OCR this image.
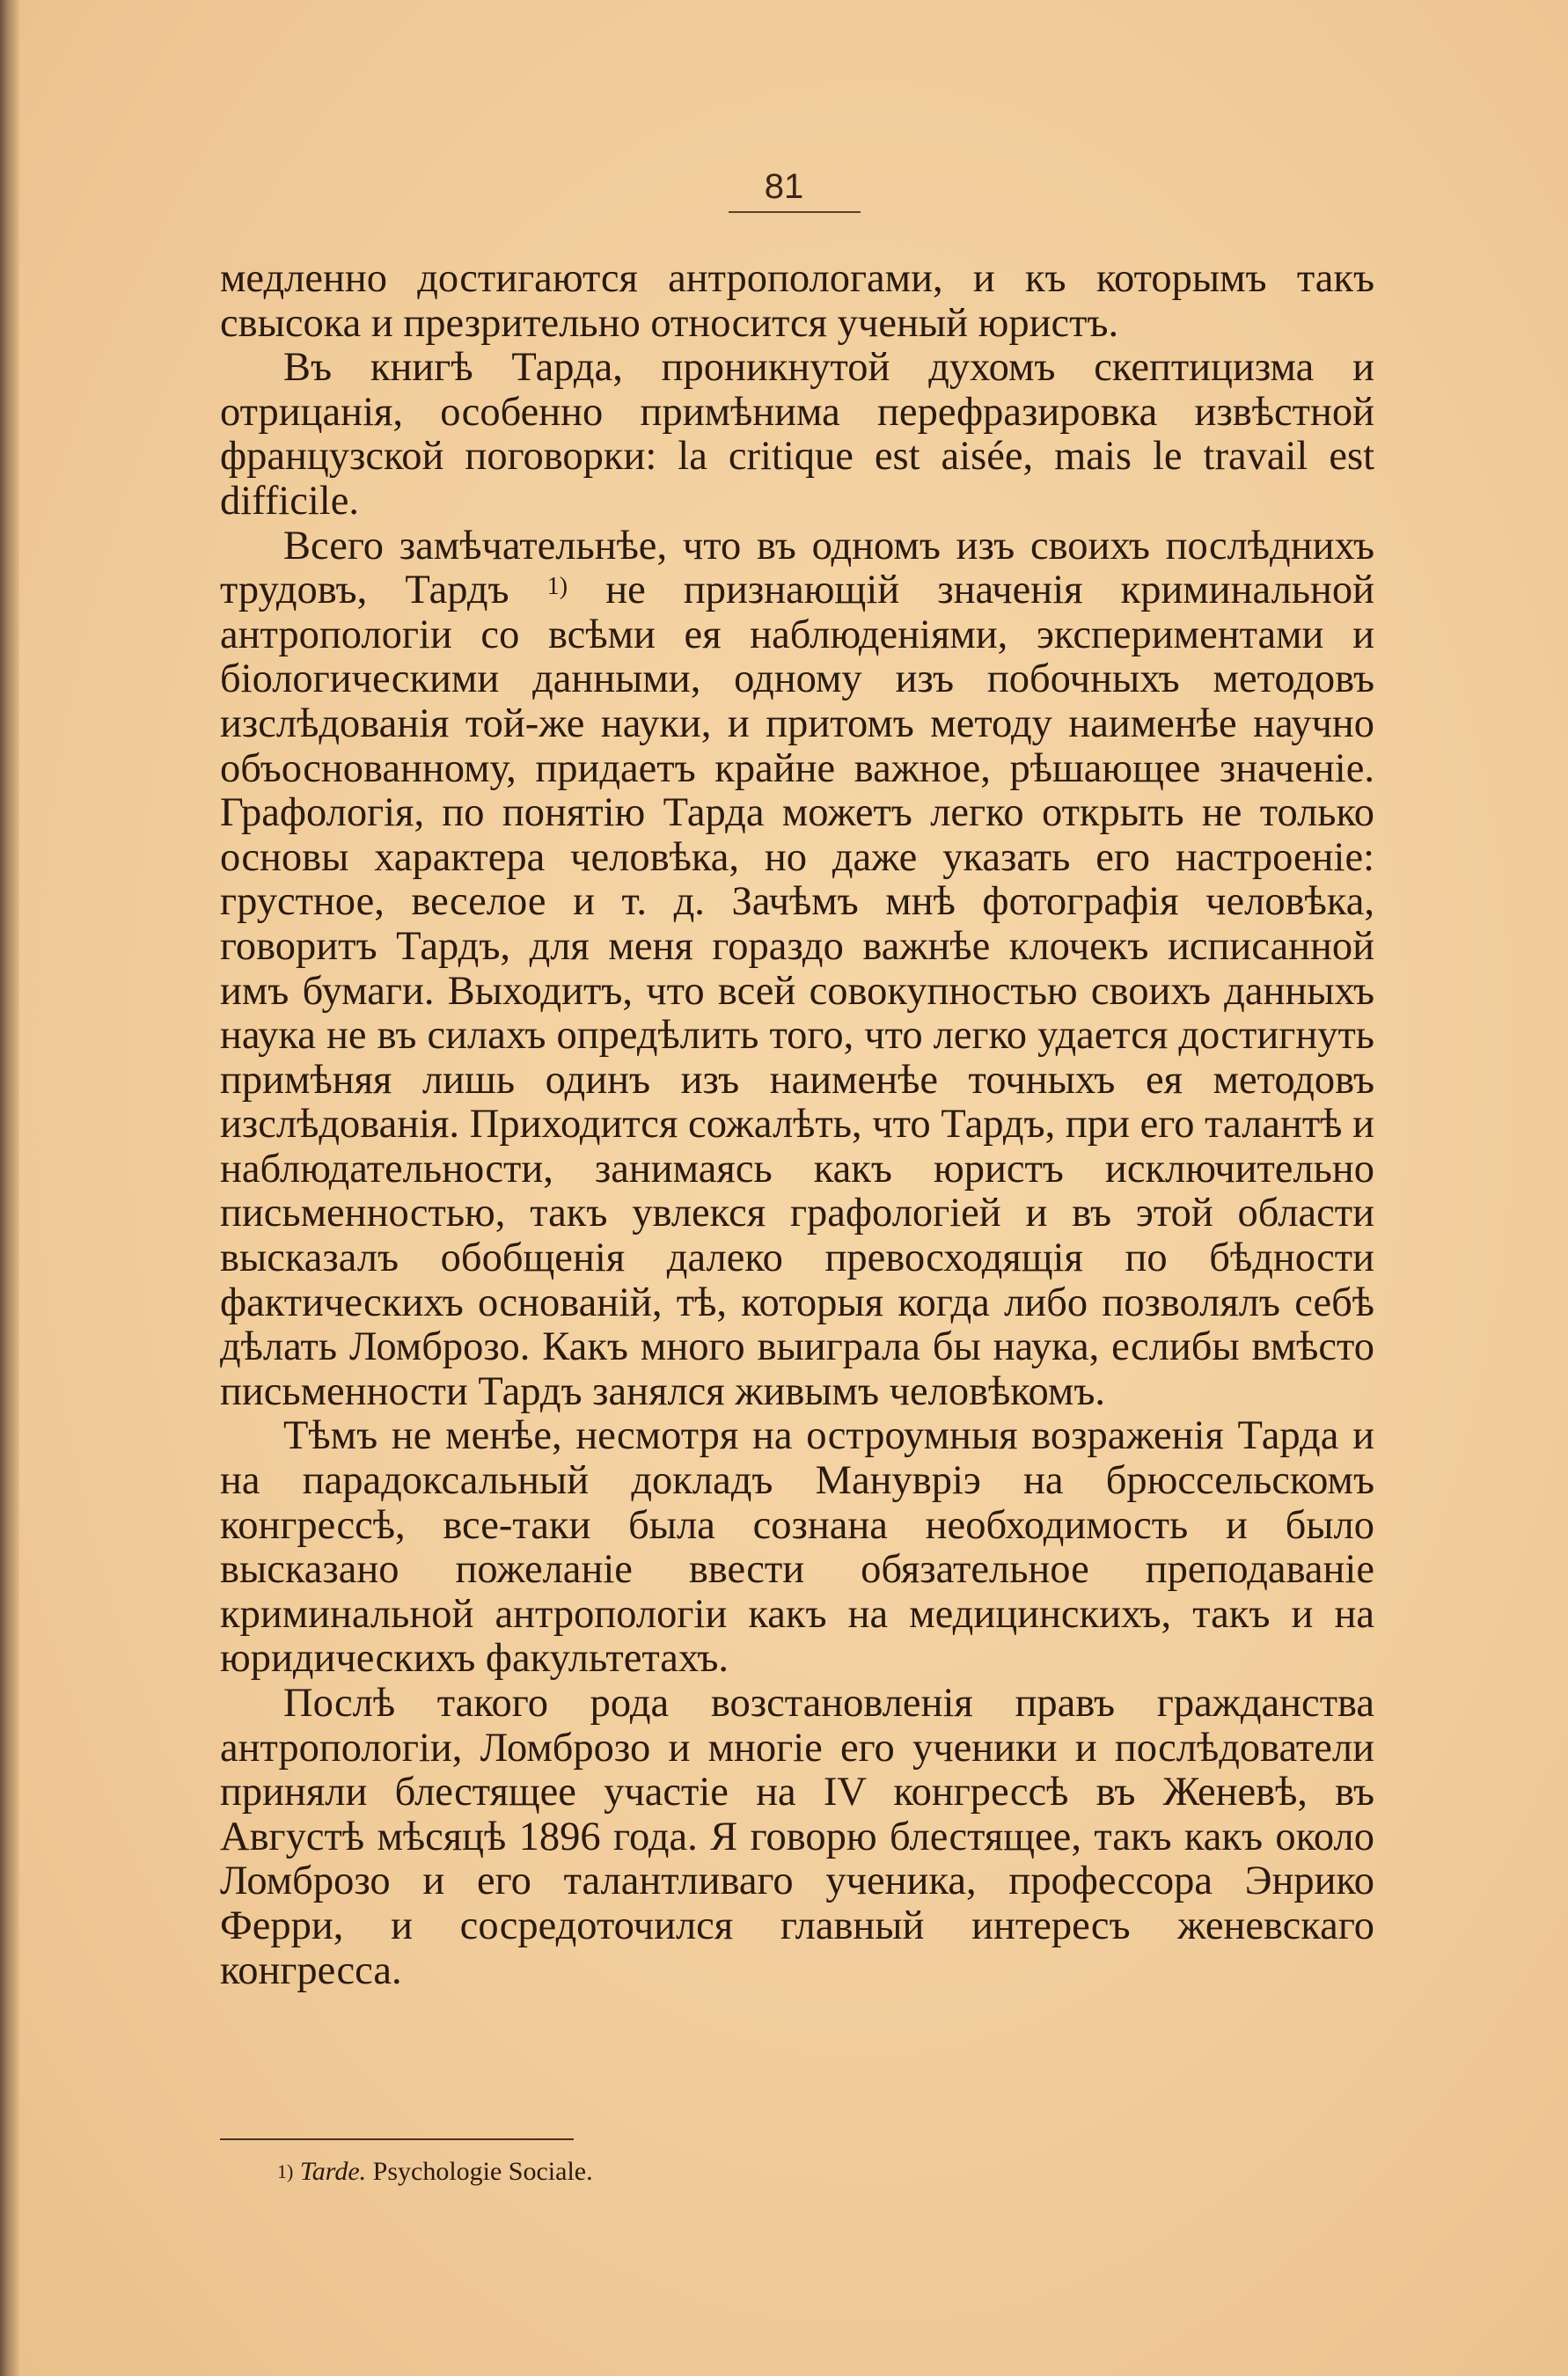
81

медленно достигаются антропологами, и къ которымъ такъ свысока и презрительно относится ученый юристъ.

Въ книгѣ Тарда, проникнутой духомъ скептицизма и отрицанія, особенно примѣнима перефразировка извѣстной французской поговорки: la critique est aisée, mais le travail est difficile.

Всего замѣчательнѣе, что въ одномъ изъ своихъ послѣднихъ трудовъ, Тардъ $^{1)}$ не признающій значенія криминальной антропологіи со всѣми ея наблюденіями, экспериментами и біологическими данными, одному изъ побочныхъ методовъ изслѣдованія той-же науки, и притомъ методу наименѣе научно объоснованному, придаетъ крайне важное, рѣшающее значеніе. Графологія, по понятію Тарда можетъ легко открыть не только основы характера человѣка, но даже указать его настроеніе: грустное, веселое и т. д. Зачѣмъ мнѣ фотографія человѣка, говоритъ Тардъ, для меня гораздо важнѣе клочекъ исписанной имъ бумаги. Выходитъ, что всей совокупностью своихъ данныхъ наука не въ силахъ опредѣлить того, что легко удается достигнуть примѣняя лишь одинъ изъ наименѣе точныхъ ея методовъ изслѣдованія. Приходится сожалѣть, что Тардъ, при его талантѣ и наблюдательности, занимаясь какъ юристъ исключительно письменностью, такъ увлекся графологіей и въ этой области высказалъ обобщенія далеко превосходящія по бѣдности фактическихъ основаній, тѣ, которыя когда либо позволялъ себѣ дѣлать Ломброзо. Какъ много выиграла бы наука, еслибы вмѣсто письменности Тардъ занялся живымъ человѣкомъ.

Тѣмъ не менѣе, несмотря на остроумныя возраженія Тарда и на парадоксальный докладъ Мануврiэ на брюссельскомъ конгрессѣ, все-таки была сознана необходимость и было высказано пожеланіе ввести обязательное преподаваніе криминальной антропологіи какъ на медицинскихъ, такъ и на юридическихъ факультетахъ.

Послѣ такого рода возстановленія правъ гражданства антропологіи, Ломброзо и многіе его ученики и послѣдователи приняли блестящее участіе на IV конгрессѣ въ Женевѣ, въ Августѣ мѣсяцѣ 1896 года. Я говорю блестящее, такъ какъ около Ломброзо и его талантливаго ученика, профессора Энрико Ферри, и сосредоточился главный интересъ женевскаго конгресса.

$^{1)}$ Tarde. Psychologie Sociale.
